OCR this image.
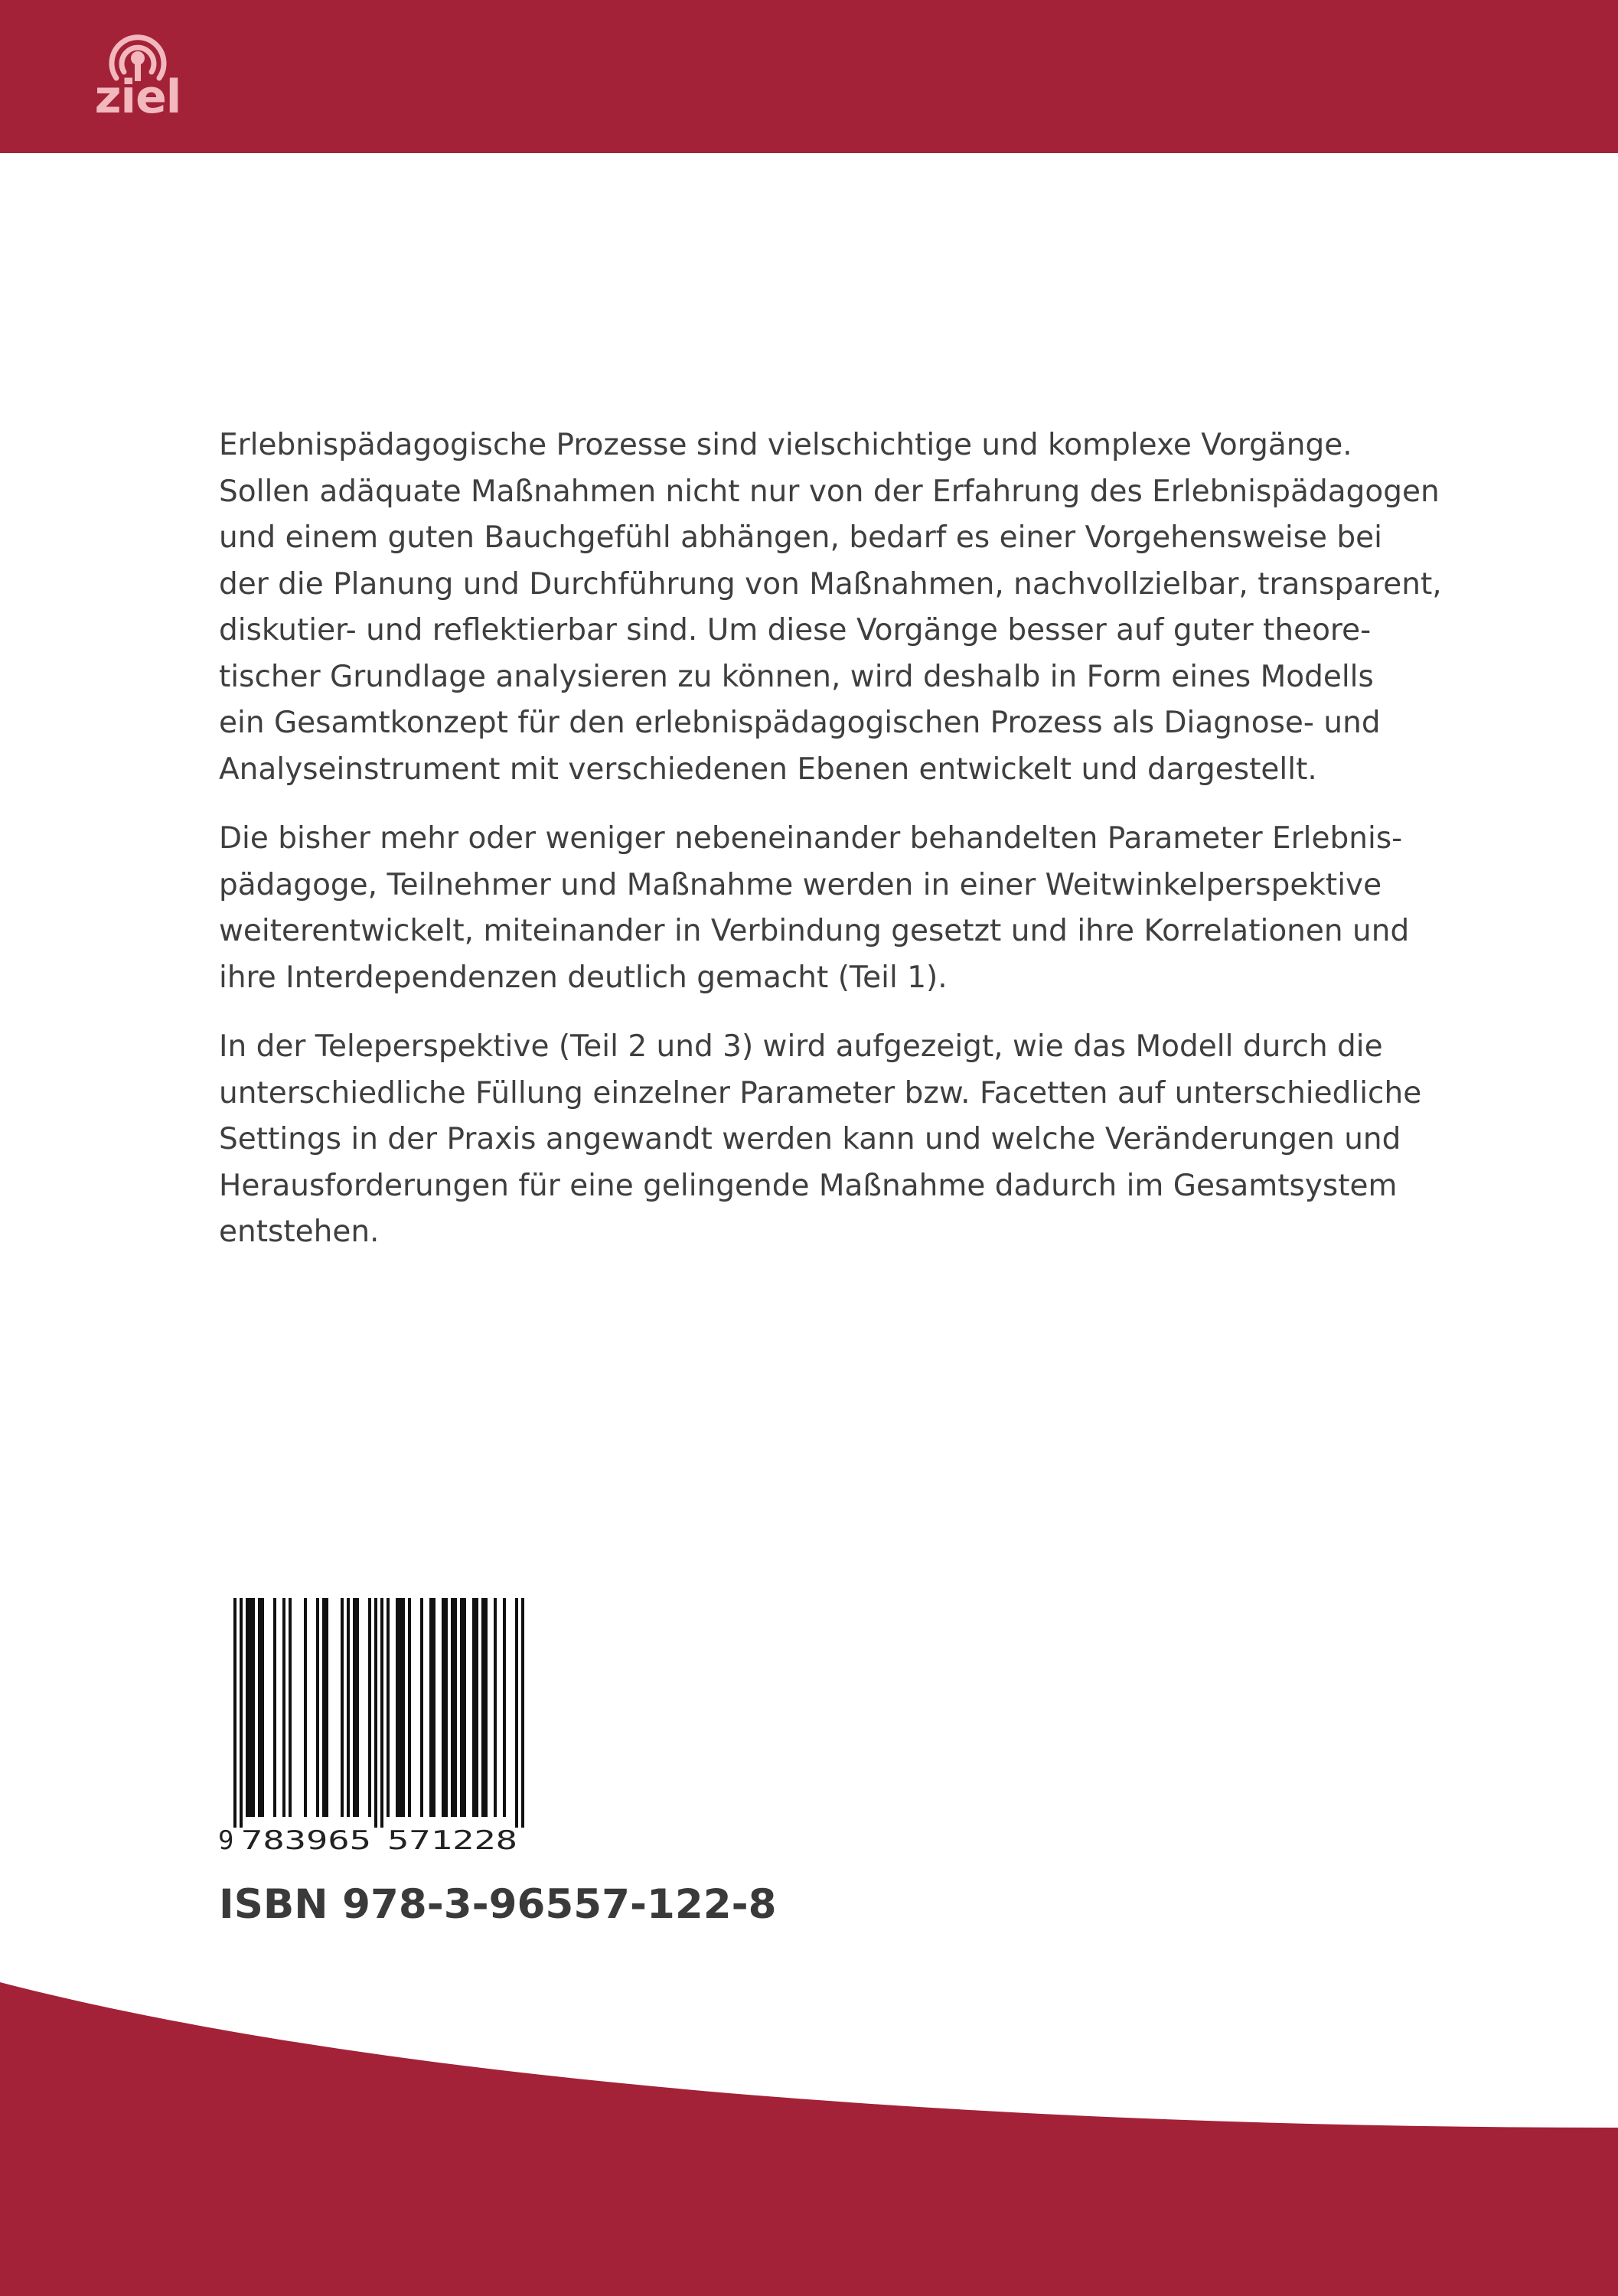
ziel

Erlebnispädagogische Prozesse sind vielschichtige und komplexe Vorgänge.
Sollen adäquate Maßnahmen nicht nur von der Erfahrung des Erlebnispädagogen
und einem guten Bauchgefühl abhängen, bedarf es einer Vorgehensweise bei
der die Planung und Durchführung von Maßnahmen, nachvollzielbar, transparent,
diskutier- und reflektierbar sind. Um diese Vorgänge besser auf guter theore-
tischer Grundlage analysieren zu können, wird deshalb in Form eines Modells
ein Gesamtkonzept für den erlebnispädagogischen Prozess als Diagnose- und
Analyseinstrument mit verschiedenen Ebenen entwickelt und dargestellt.

Die bisher mehr oder weniger nebeneinander behandelten Parameter Erlebnis-
pädagoge, Teilnehmer und Maßnahme werden in einer Weitwinkelperspektive
weiterentwickelt, miteinander in Verbindung gesetzt und ihre Korrelationen und
ihre Interdependenzen deutlich gemacht (Teil 1).

In der Teleperspektive (Teil 2 und 3) wird aufgezeigt, wie das Modell durch die
unterschiedliche Füllung einzelner Parameter bzw. Facetten auf unterschiedliche
Settings in der Praxis angewandt werden kann und welche Veränderungen und
Herausforderungen für eine gelingende Maßnahme dadurch im Gesamtsystem
entstehen.

9 783965 571228
ISBN 978-3-96557-122-8
